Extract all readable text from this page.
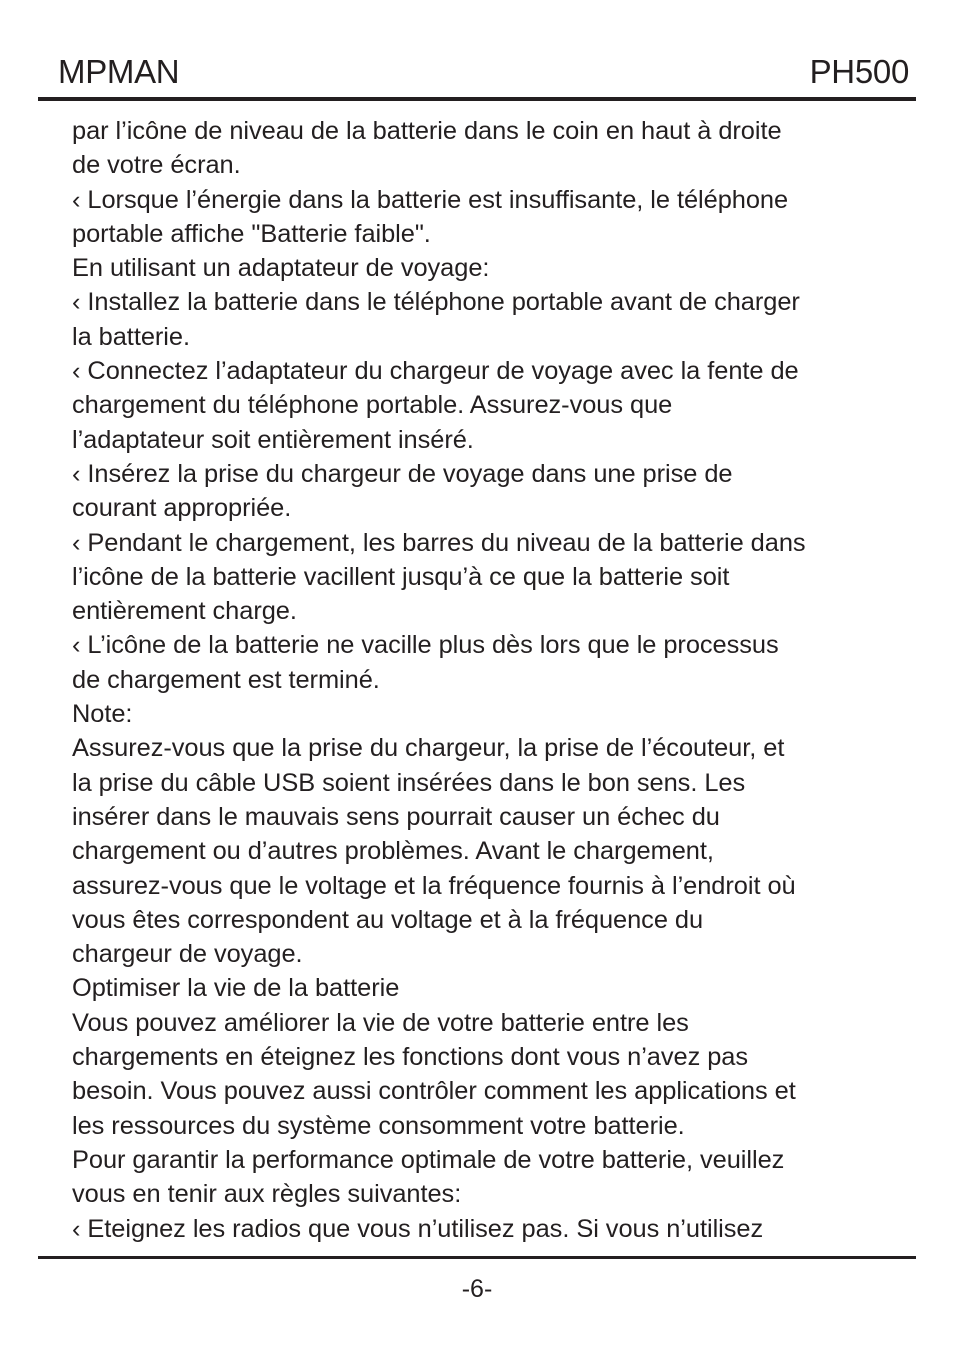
MPMAN	PH500
par l’icône de niveau de la batterie dans le coin en haut à droite
de votre écran.
‹ Lorsque l’énergie dans la batterie est insuffisante, le téléphone
portable affiche "Batterie faible".
En utilisant un adaptateur de voyage:
‹ Installez la batterie dans le téléphone portable avant de charger
la batterie.
‹ Connectez l’adaptateur du chargeur de voyage avec la fente de
chargement du téléphone portable. Assurez-vous que
l’adaptateur soit entièrement inséré.
‹ Insérez la prise du chargeur de voyage dans une prise de
courant appropriée.
‹ Pendant le chargement, les barres du niveau de la batterie dans
l’icône de la batterie vacillent jusqu’à ce que la batterie soit
entièrement charge.
‹ L’icône de la batterie ne vacille plus dès lors que le processus
de chargement est terminé.
Note:
Assurez-vous que la prise du chargeur, la prise de l’écouteur, et
la prise du câble USB soient insérées dans le bon sens. Les
insérer dans le mauvais sens pourrait causer un échec du
chargement ou d’autres problèmes. Avant le chargement,
assurez-vous que le voltage et la fréquence fournis à l’endroit où
vous êtes correspondent au voltage et à la fréquence du
chargeur de voyage.
Optimiser la vie de la batterie
Vous pouvez améliorer la vie de votre batterie entre les
chargements en éteignez les fonctions dont vous n’avez pas
besoin. Vous pouvez aussi contrôler comment les applications et
les ressources du système consomment votre batterie.
Pour garantir la performance optimale de votre batterie, veuillez
vous en tenir aux règles suivantes:
‹ Eteignez les radios que vous n’utilisez pas. Si vous n’utilisez
-6-
